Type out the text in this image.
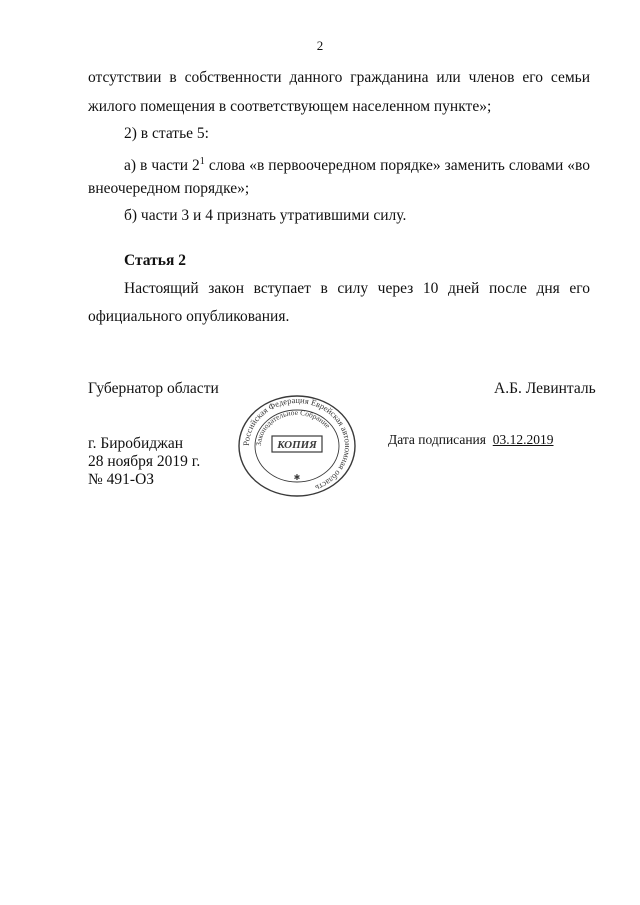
2
отсутствии в собственности данного гражданина или членов его семьи
жилого помещения в соответствующем населенном пункте»;
2) в статье 5:
а) в части $2^1$ слова «в первоочередном порядке» заменить словами «во
внеочередном порядке»;
б) части 3 и 4 признать утратившими силу.
Статья 2
Настоящий закон вступает в силу через 10 дней после дня его
официального опубликования.
Губернатор области	А.Б. Левинталь
г. Биробиджан
28 ноября 2019 г.
№ 491-ОЗ
Дата подписания 03.12.2019
Российская Федерация Еврейская автономная область
Законодательное Собрание
КОПИЯ
✱
